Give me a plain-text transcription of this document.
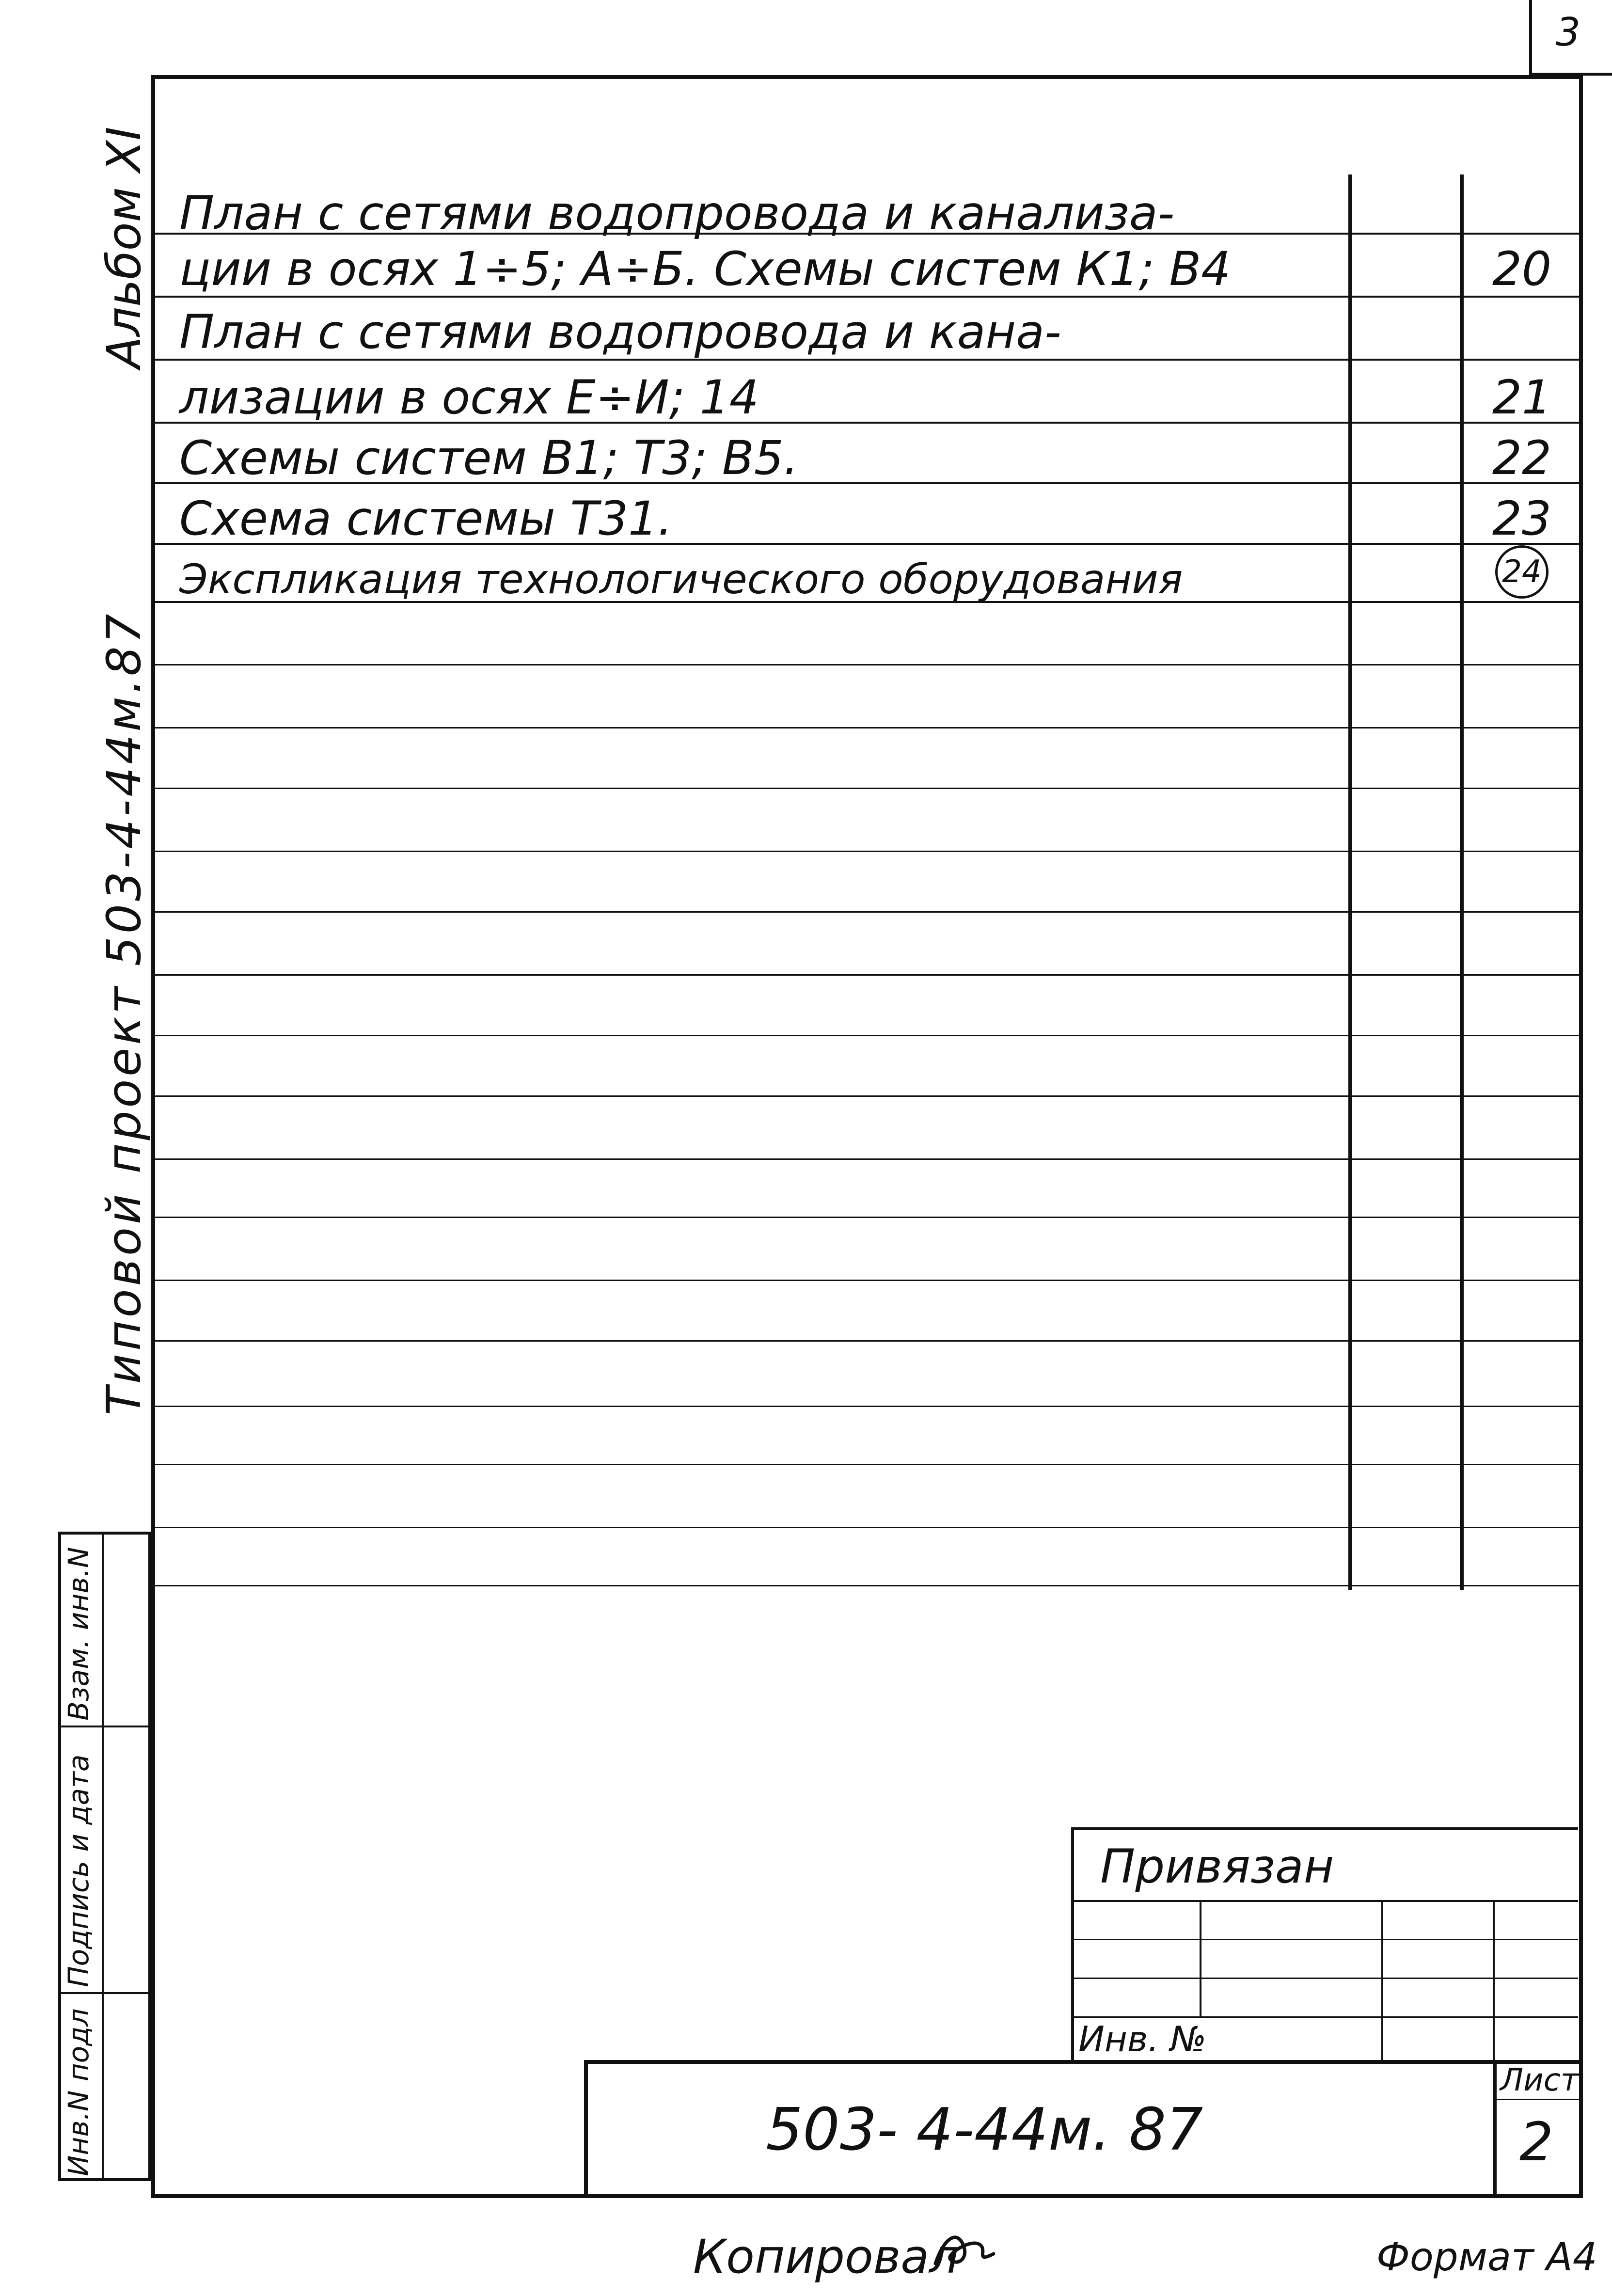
3
Альбом XI
Типовой проект 503-4-44м.87
План с сетями водопровода и канализа-
ции в осях 1÷5; А÷Б. Схемы систем К1; В4	20
План с сетями водопровода и кана-
лизации в осях Е÷И; 14	21
Схемы систем В1; Т3; В5.	22
Схема системы Т31.	23
Экспликация технологического оборудования	24
Взам. инв.N
Подпись и дата
Инв.N подл
Привязан
Инв. №
503- 4-44м. 87
Лист
2
Копировал	Формат А4
